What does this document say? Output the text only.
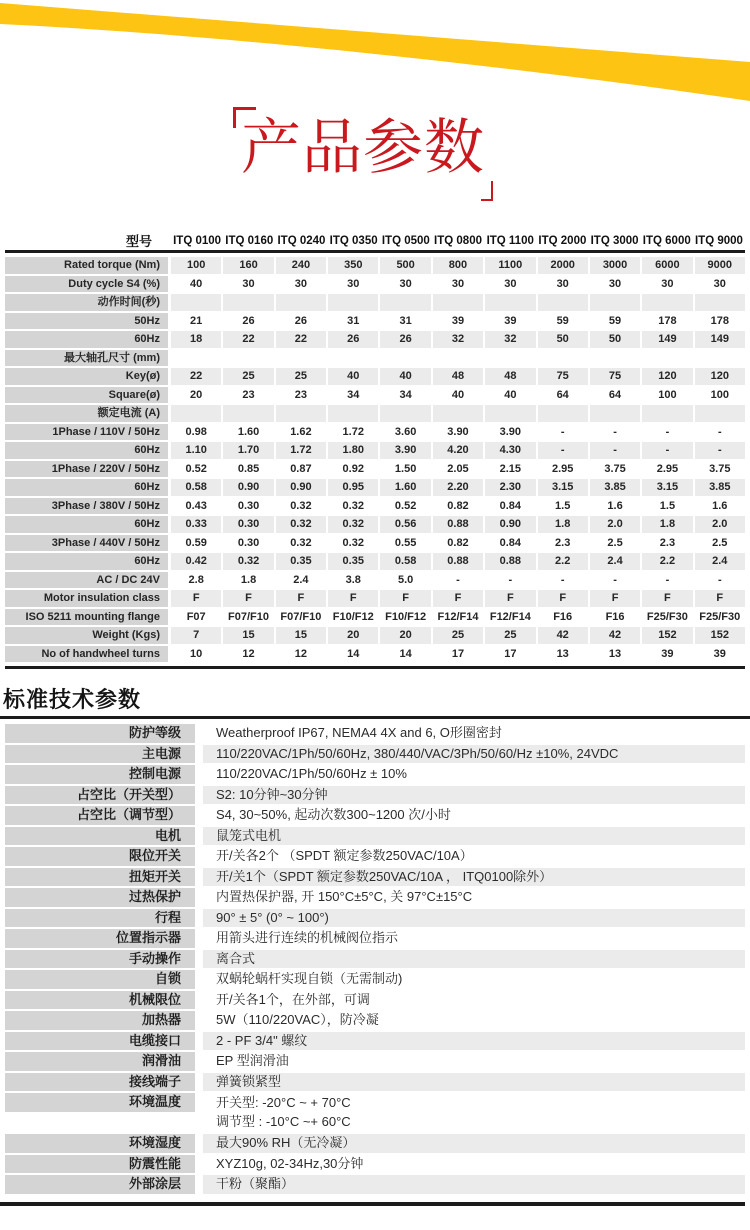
产品参数
型号	ITQ 0100 ITQ 0160 ITQ 0240 ITQ 0350 ITQ 0500 ITQ 0800 ITQ 1100 ITQ 2000 ITQ 3000 ITQ 6000 ITQ 9000
Rated torque (Nm)	100	160	240	350	500	800	1100	2000	3000	6000	9000
Duty cycle S4 (%)	40	30	30	30	30	30	30	30	30	30	30
动作时间(秒)
50Hz	21	26	26	31	31	39	39	59	59	178	178
60Hz	18	22	22	26	26	32	32	50	50	149	149
最大轴孔尺寸 (mm)
Key(ø)	22	25	25	40	40	48	48	75	75	120	120
Square(ø)	20	23	23	34	34	40	40	64	64	100	100
额定电流 (A)
1Phase / 110V / 50Hz	0.98	1.60	1.62	1.72	3.60	3.90	3.90	-	-	-	-
60Hz	1.10	1.70	1.72	1.80	3.90	4.20	4.30	-	-	-	-
1Phase / 220V / 50Hz	0.52	0.85	0.87	0.92	1.50	2.05	2.15	2.95	3.75	2.95	3.75
60Hz	0.58	0.90	0.90	0.95	1.60	2.20	2.30	3.15	3.85	3.15	3.85
3Phase / 380V / 50Hz	0.43	0.30	0.32	0.32	0.52	0.82	0.84	1.5	1.6	1.5	1.6
60Hz	0.33	0.30	0.32	0.32	0.56	0.88	0.90	1.8	2.0	1.8	2.0
3Phase / 440V / 50Hz	0.59	0.30	0.32	0.32	0.55	0.82	0.84	2.3	2.5	2.3	2.5
60Hz	0.42	0.32	0.35	0.35	0.58	0.88	0.88	2.2	2.4	2.2	2.4
AC / DC 24V	2.8	1.8	2.4	3.8	5.0	-	-	-	-	-	-
Motor insulation class	F	F	F	F	F	F	F	F	F	F	F
ISO 5211 mounting flange	F07	F07/F10	F07/F10	F10/F12	F10/F12	F12/F14	F12/F14	F16	F16	F25/F30	F25/F30
Weight (Kgs)	7	15	15	20	20	25	25	42	42	152	152
No of handwheel turns	10	12	12	14	14	17	17	13	13	39	39
标准技术参数
防护等级	Weatherproof IP67, NEMA4 4X and 6, O形圈密封
主电源	110/220VAC/1Ph/50/60Hz, 380/440/VAC/3Ph/50/60/Hz ±10%, 24VDC
控制电源	110/220VAC/1Ph/50/60Hz ± 10%
占空比（开关型）	S2: 10分钟~30分钟
占空比（调节型）	S4, 30~50%, 起动次数300~1200 次/小时
电机	鼠笼式电机
限位开关	开/关各2个 （SPDT 额定参数250VAC/10A）
扭矩开关	开/关1个（SPDT 额定参数250VAC/10A ， ITQ0100除外）
过热保护	内置热保护器, 开 150°C±5°C, 关 97°C±15°C
行程	90° ± 5° (0° ~ 100°)
位置指示器	用箭头进行连续的机械阀位指示
手动操作	离合式
自锁	双蜗轮蜗杆实现自锁（无需制动)
机械限位	开/关各1个，在外部，可调
加热器	5W（110/220VAC），防冷凝
电缆接口	2 - PF 3/4" 螺纹
润滑油	EP 型润滑油
接线端子	弹簧锁紧型
环境温度	开关型: -20°C ~ + 70°C
调节型 : -10°C ~+ 60°C
环境湿度	最大90% RH（无冷凝）
防震性能	XYZ10g, 02-34Hz,30分钟
外部涂层	干粉（聚酯）
